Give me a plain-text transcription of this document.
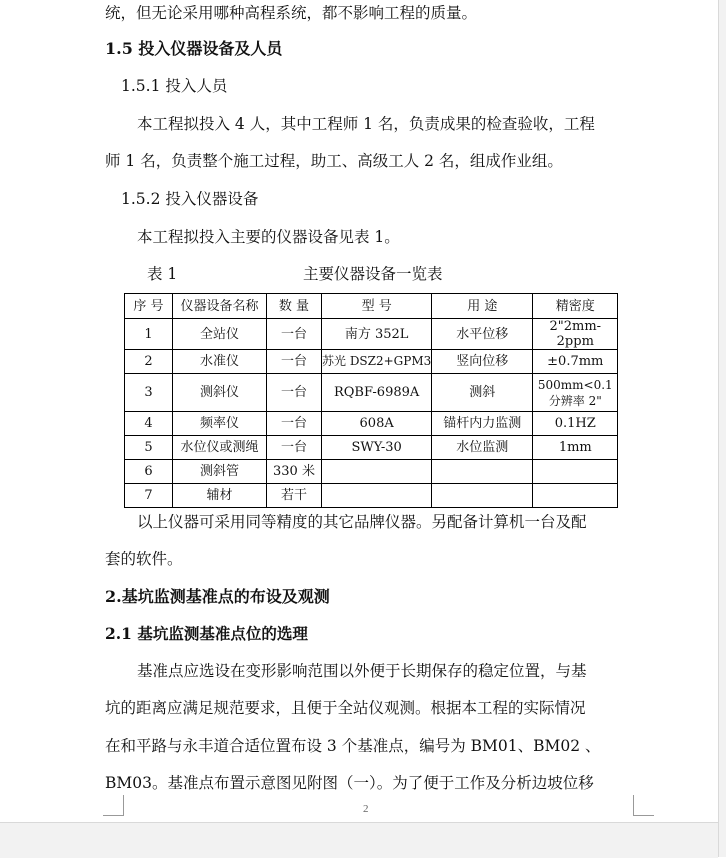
统，但无论采用哪种高程系统，都不影响工程的质量。
1.5 投入仪器设备及人员
1.5.1 投入人员
本工程拟投入 4 人，其中工程师 1 名，负责成果的检查验收，工程
师 1 名，负责整个施工过程，助工、高级工人 2 名，组成作业组。
1.5.2 投入仪器设备
本工程拟投入主要的仪器设备见表 1。
表 1	主要仪器设备一览表
序 号	仪器设备名称	数 量	型 号	用 途	精密度
1	全站仪	一台	南方 352L	水平位移	2"2mm-2ppm
2	水准仪	一台	苏光 DSZ2+GPM3	竖向位移	±0.7mm
3	测斜仪	一台	RQBF-6989A	测斜	500mm<0.1 分辨率 2"
4	频率仪	一台	608A	锚杆内力监测	0.1HZ
5	水位仪或测绳	一台	SWY-30	水位监测	1mm
6	测斜管	330 米			
7	辅材	若干			
以上仪器可采用同等精度的其它品牌仪器。另配备计算机一台及配
套的软件。
2.基坑监测基准点的布设及观测
2.1 基坑监测基准点位的选理
基准点应选设在变形影响范围以外便于长期保存的稳定位置，与基
坑的距离应满足规范要求，且便于全站仪观测。根据本工程的实际情况
在和平路与永丰道合适位置布设 3 个基准点，编号为 BM01、BM02 、
BM03。基准点布置示意图见附图（一）。为了便于工作及分析边坡位移
2
